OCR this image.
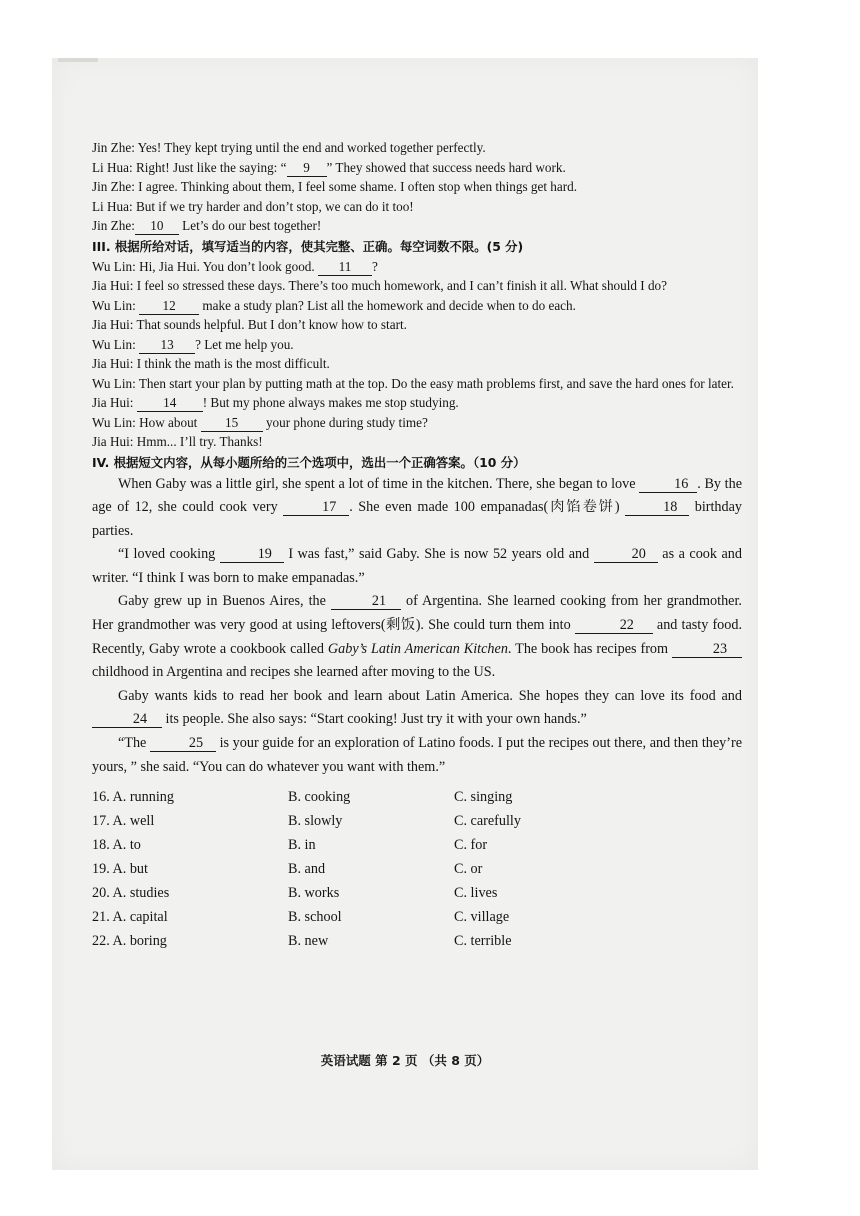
Jin Zhe: Yes! They kept trying until the end and worked together perfectly.
Li Hua: Right! Just like the saying: “ 9 ” They showed that success needs hard work.
Jin Zhe: I agree. Thinking about them, I feel some shame. I often stop when things get hard.
Li Hua: But if we try harder and don’t stop, we can do it too!
Jin Zhe: 10 Let’s do our best together!
III. 根据所给对话，填写适当的内容，使其完整、正确。每空词数不限。(5 分)
Wu Lin: Hi, Jia Hui. You don’t look good. 11 ?
Jia Hui: I feel so stressed these days. There’s too much homework, and I can’t finish it all. What should I do?
Wu Lin: 12 make a study plan? List all the homework and decide when to do each.
Jia Hui: That sounds helpful. But I don’t know how to start.
Wu Lin: 13 ? Let me help you.
Jia Hui: I think the math is the most difficult.
Wu Lin: Then start your plan by putting math at the top. Do the easy math problems first, and save the hard ones for later.
Jia Hui: 14 ! But my phone always makes me stop studying.
Wu Lin: How about 15 your phone during study time?
Jia Hui: Hmm... I’ll try. Thanks!
IV. 根据短文内容，从每小题所给的三个选项中，选出一个正确答案。（10 分）

When Gaby was a little girl, she spent a lot of time in the kitchen. There, she began to love 16 . By the age of 12, she could cook very	17 . She even made 100 empanadas(肉馅卷饼)	18 birthday parties.

“I loved cooking	19 I was fast,” said Gaby. She is now 52 years old and	20 as a cook and writer. “I think I was born to make empanadas.”

Gaby grew up in Buenos Aires, the	21 of Argentina. She learned cooking from her grandmother. Her grandmother was very good at using leftovers(剩饭). She could turn them into	22 and tasty food. Recently, Gaby wrote a cookbook called Gaby’s Latin American Kitchen. The book has recipes from	23 childhood in Argentina and recipes she learned after moving to the US.

Gaby wants kids to read her book and learn about Latin America. She hopes they can love its food and 24 its people. She also says: “Start cooking! Just try it with your own hands.”

“The	25 is your guide for an exploration of Latino foods. I put the recipes out there, and then they’re yours, ” she said. “You can do whatever you want with them.”

16. A. running	B. cooking	C. singing
17. A. well	B. slowly	C. carefully
18. A. to	B. in	C. for
19. A. but	B. and	C. or
20. A. studies	B. works	C. lives
21. A. capital	B. school	C. village
22. A. boring	B. new	C. terrible
英语试题 第 2 页 （共 8 页）
